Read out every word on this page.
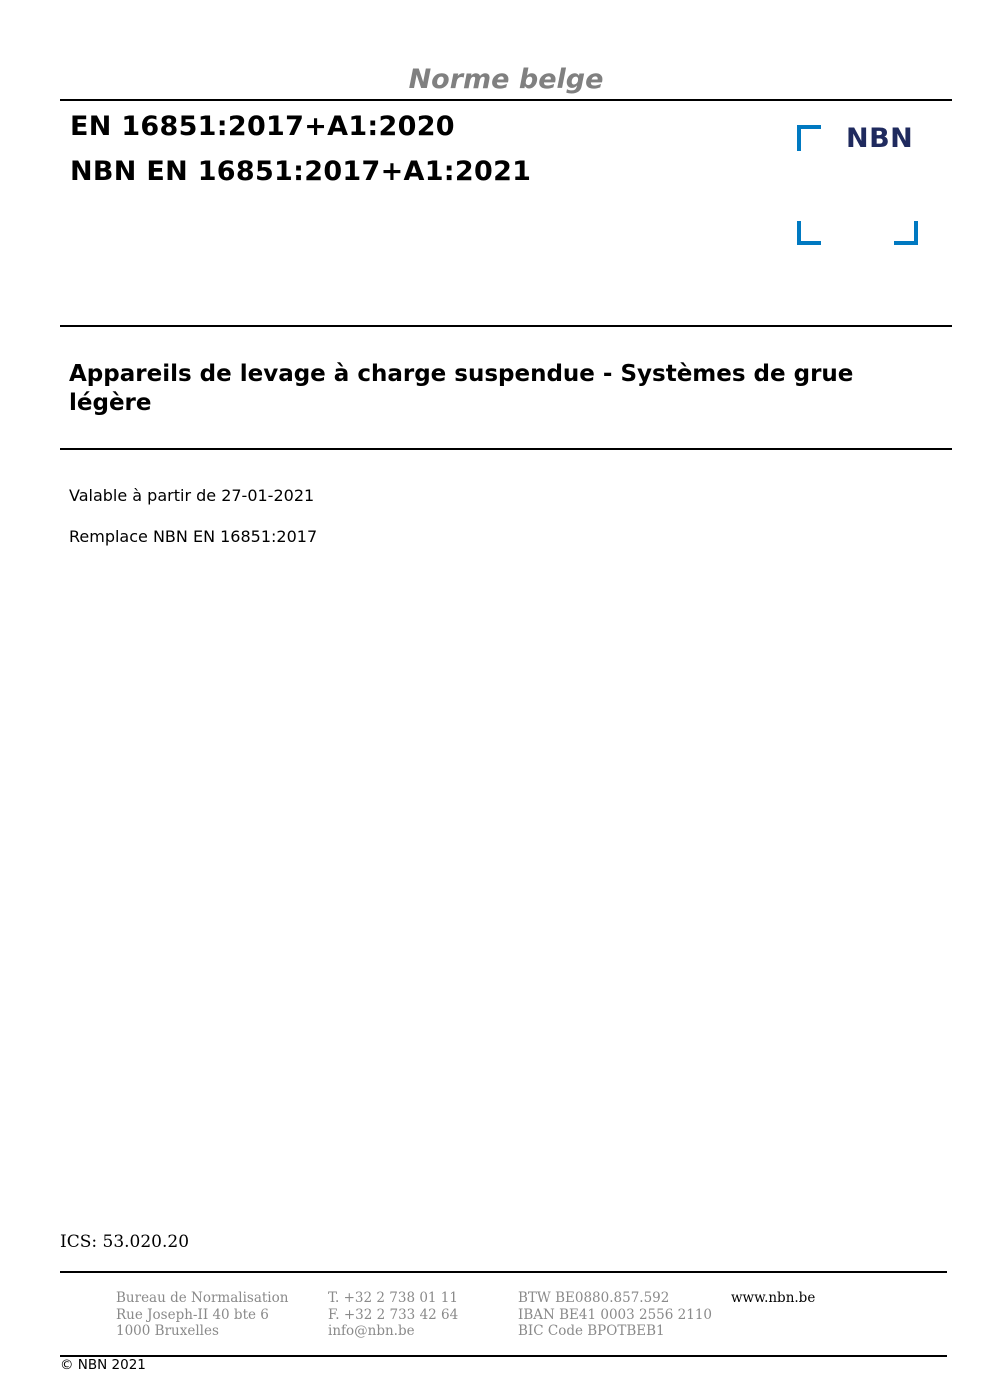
Norme belge
EN 16851:2017+A1:2020
NBN EN 16851:2017+A1:2021
NBN
Appareils de levage à charge suspendue - Systèmes de grue légère
Valable à partir de 27-01-2021
Remplace NBN EN 16851:2017
ICS: 53.020.20
Bureau de Normalisation
Rue Joseph-II 40 bte 6
1000 Bruxelles
T. +32 2 738 01 11
F. +32 2 733 42 64
info@nbn.be
BTW BE0880.857.592
IBAN BE41 0003 2556 2110
BIC Code BPOTBEB1
www.nbn.be
© NBN 2021
